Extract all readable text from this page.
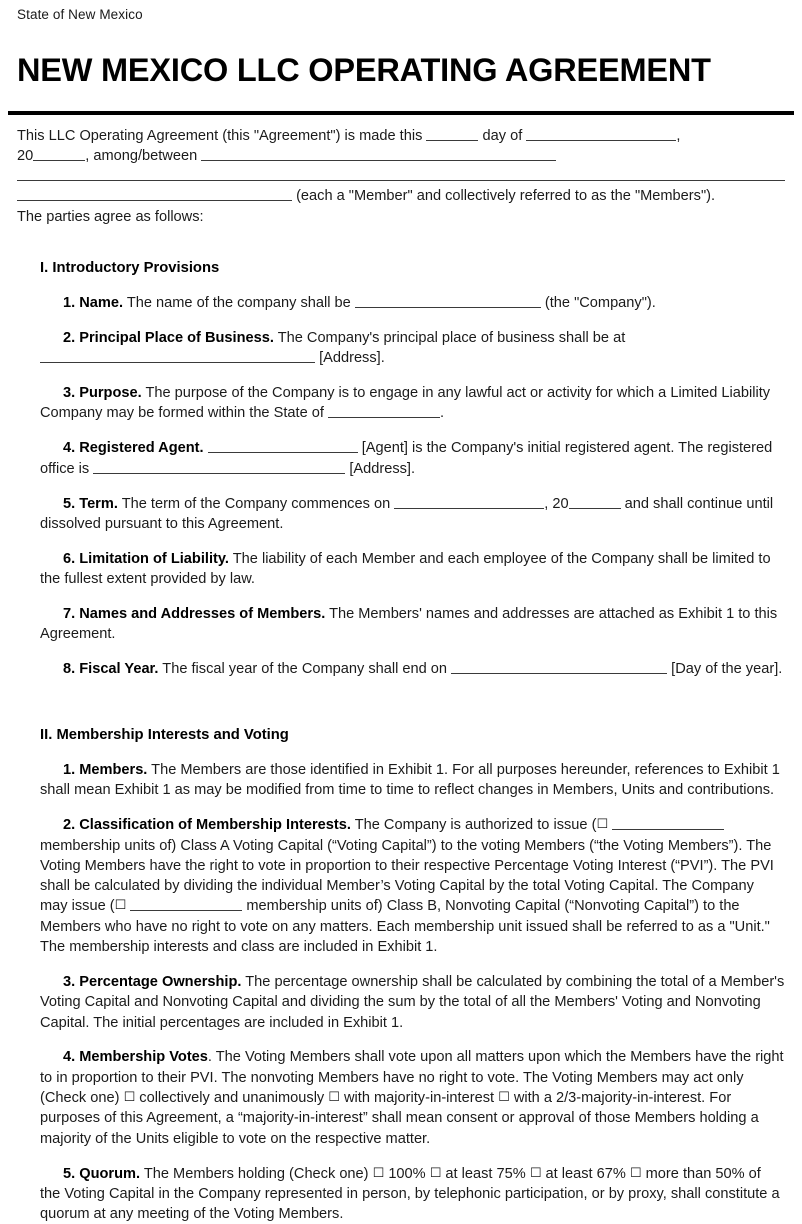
State of New Mexico
NEW MEXICO LLC OPERATING AGREEMENT

This LLC Operating Agreement (this "Agreement") is made this	day of	,
20	, among/between

(each a "Member" and collectively referred to as the "Members").
The parties agree as follows:

I. Introductory Provisions

1. Name. The name of the company shall be	(the "Company").

2. Principal Place of Business. The Company's principal place of business shall be at
[Address].

3. Purpose. The purpose of the Company is to engage in any lawful act or activity for which a Limited Liability Company may be formed within the State of	.

4. Registered Agent.	[Agent] is the Company's initial registered agent. The registered office is	[Address].

5. Term. The term of the Company commences on	, 20	and shall continue until dissolved pursuant to this Agreement.

6. Limitation of Liability. The liability of each Member and each employee of the Company shall be limited to the fullest extent provided by law.

7. Names and Addresses of Members. The Members' names and addresses are attached as Exhibit 1 to this Agreement.

8. Fiscal Year. The fiscal year of the Company shall end on	[Day of the year].

II. Membership Interests and Voting

1. Members. The Members are those identified in Exhibit 1. For all purposes hereunder, references to Exhibit 1 shall mean Exhibit 1 as may be modified from time to time to reflect changes in Members, Units and contributions.

2. Classification of Membership Interests. The Company is authorized to issue (☐  membership units of) Class A Voting Capital (“Voting Capital”) to the voting Members (“the Voting Members”). The Voting Members have the right to vote in proportion to their respective Percentage Voting Interest (“PVI”). The PVI shall be calculated by dividing the individual Member’s Voting Capital by the total Voting Capital. The Company may issue (☐	membership units of) Class B, Nonvoting Capital (“Nonvoting Capital”) to the Members who have no right to vote on any matters. Each membership unit issued shall be referred to as a "Unit." The membership interests and class are included in Exhibit 1.

3. Percentage Ownership. The percentage ownership shall be calculated by combining the total of a Member's Voting Capital and Nonvoting Capital and dividing the sum by the total of all the Members' Voting and Nonvoting Capital. The initial percentages are included in Exhibit 1.

4. Membership Votes. The Voting Members shall vote upon all matters upon which the Members have the right to in proportion to their PVI. The nonvoting Members have no right to vote. The Voting Members may act only (Check one) ☐ collectively and unanimously ☐ with majority-in-interest ☐ with a 2/3-majority-in-interest. For purposes of this Agreement, a “majority-in-interest” shall mean consent or approval of those Members holding a majority of the Units eligible to vote on the respective matter.

5. Quorum. The Members holding (Check one) ☐ 100% ☐ at least 75% ☐ at least 67% ☐ more than 50% of the Voting Capital in the Company represented in person, by telephonic participation, or by proxy, shall constitute a quorum at any meeting of the Voting Members.
